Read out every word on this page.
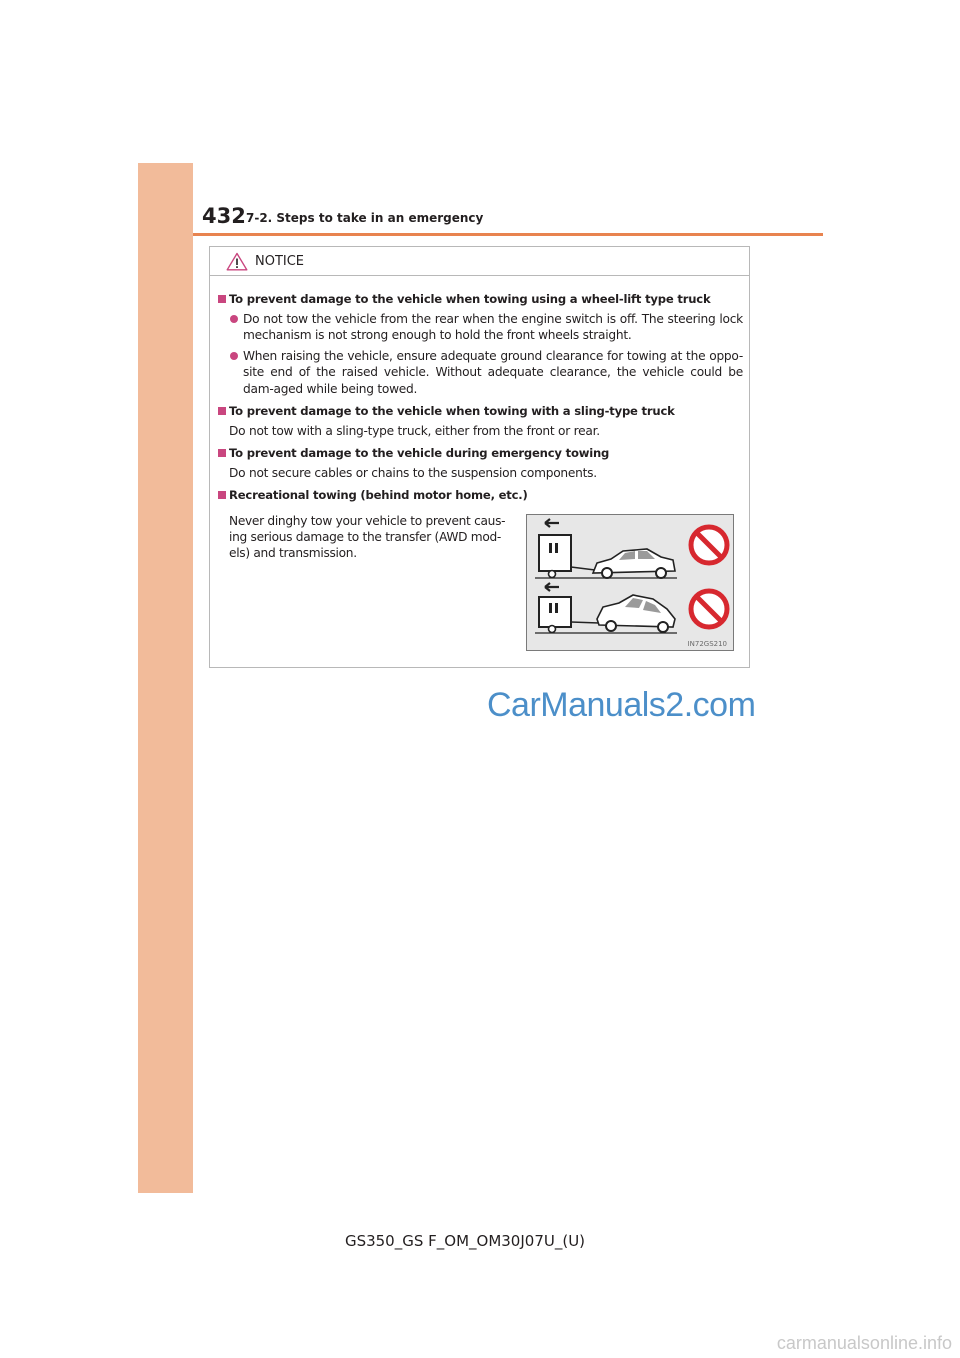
432 7-2. Steps to take in an emergency
NOTICE
To prevent damage to the vehicle when towing using a wheel-lift type truck
Do not tow the vehicle from the rear when the engine switch is off. The steering lock mechanism is not strong enough to hold the front wheels straight.
When raising the vehicle, ensure adequate ground clearance for towing at the oppo-site end of the raised vehicle. Without adequate clearance, the vehicle could be dam-aged while being towed.
To prevent damage to the vehicle when towing with a sling-type truck
Do not tow with a sling-type truck, either from the front or rear.
To prevent damage to the vehicle during emergency towing
Do not secure cables or chains to the suspension components.
Recreational towing (behind motor home, etc.)
Never dinghy tow your vehicle to prevent caus-ing serious damage to the transfer (AWD mod-els) and transmission.
IN72GS210
CarManuals2.com
GS350_GS F_OM_OM30J07U_(U)
carmanualsonline.info
